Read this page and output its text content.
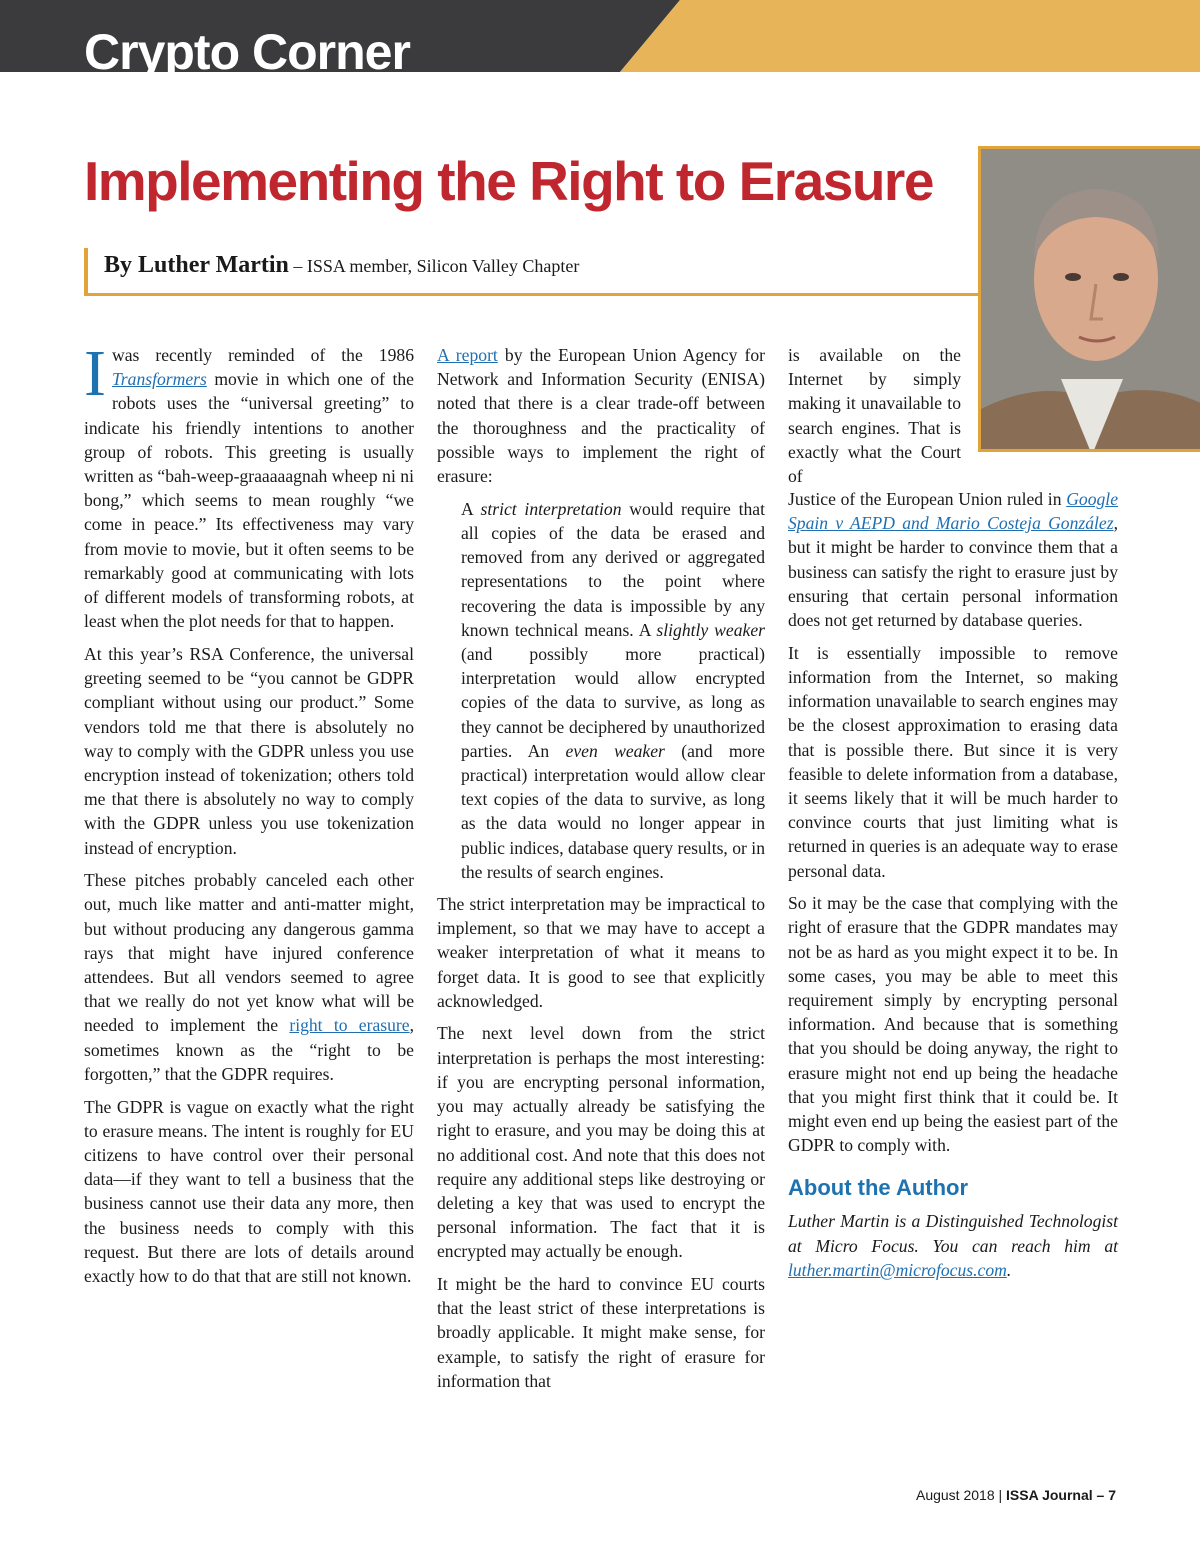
Crypto Corner
Implementing the Right to Erasure
By Luther Martin – ISSA member, Silicon Valley Chapter

I was recently reminded of the 1986 Transformers movie in which one of the robots uses the “universal greeting” to indicate his friendly intentions to another group of robots. This greeting is usually written as “bah-weep-graaaaagnah wheep ni ni bong,” which seems to mean roughly “we come in peace.” Its effectiveness may vary from movie to movie, but it often seems to be remarkably good at communicating with lots of different models of transforming robots, at least when the plot needs for that to happen.

At this year’s RSA Conference, the universal greeting seemed to be “you cannot be GDPR compliant without using our product.” Some vendors told me that there is absolutely no way to comply with the GDPR unless you use encryption instead of tokenization; others told me that there is absolutely no way to comply with the GDPR unless you use tokenization instead of encryption.

These pitches probably canceled each other out, much like matter and anti-matter might, but without producing any dangerous gamma rays that might have injured conference attendees. But all vendors seemed to agree that we really do not yet know what will be needed to implement the right to erasure, sometimes known as the “right to be forgotten,” that the GDPR requires.

The GDPR is vague on exactly what the right to erasure means. The intent is roughly for EU citizens to have control over their personal data—if they want to tell a business that the business cannot use their data any more, then the business needs to comply with this request. But there are lots of details around exactly how to do that that are still not known.

A report by the European Union Agency for Network and Information Security (ENISA) noted that there is a clear trade-off between the thoroughness and the practicality of possible ways to implement the right of erasure:

A strict interpretation would require that all copies of the data be erased and removed from any derived or aggregated representations to the point where recovering the data is impossible by any known technical means. A slightly weaker (and possibly more practical) interpretation would allow encrypted copies of the data to survive, as long as they cannot be deciphered by unauthorized parties. An even weaker (and more practical) interpretation would allow clear text copies of the data to survive, as long as the data would no longer appear in public indices, database query results, or in the results of search engines.

The strict interpretation may be impractical to implement, so that we may have to accept a weaker interpretation of what it means to forget data. It is good to see that explicitly acknowledged.

The next level down from the strict interpretation is perhaps the most interesting: if you are encrypting personal information, you may actually already be satisfying the right to erasure, and you may be doing this at no additional cost. And note that this does not require any additional steps like destroying or deleting a key that was used to encrypt the personal information. The fact that it is encrypted may actually be enough.

It might be the hard to convince EU courts that the least strict of these interpretations is broadly applicable. It might make sense, for example, to satisfy the right of erasure for information that

is available on the Internet by simply making it unavailable to search engines. That is exactly what the Court of

Justice of the European Union ruled in Google Spain v AEPD and Mario Costeja González, but it might be harder to convince them that a business can satisfy the right to erasure just by ensuring that certain personal information does not get returned by database queries.

It is essentially impossible to remove information from the Internet, so making information unavailable to search engines may be the closest approximation to erasing data that is possible there. But since it is very feasible to delete information from a database, it seems likely that it will be much harder to convince courts that just limiting what is returned in queries is an adequate way to erase personal data.

So it may be the case that complying with the right of erasure that the GDPR mandates may not be as hard as you might expect it to be. In some cases, you may be able to meet this requirement simply by encrypting personal information. And because that is something that you should be doing anyway, the right to erasure might not end up being the headache that you might first think that it could be. It might even end up being the easiest part of the GDPR to comply with.

About the Author

Luther Martin is a Distinguished Technologist at Micro Focus. You can reach him at luther.martin@microfocus.com.

August 2018 | ISSA Journal – 7
